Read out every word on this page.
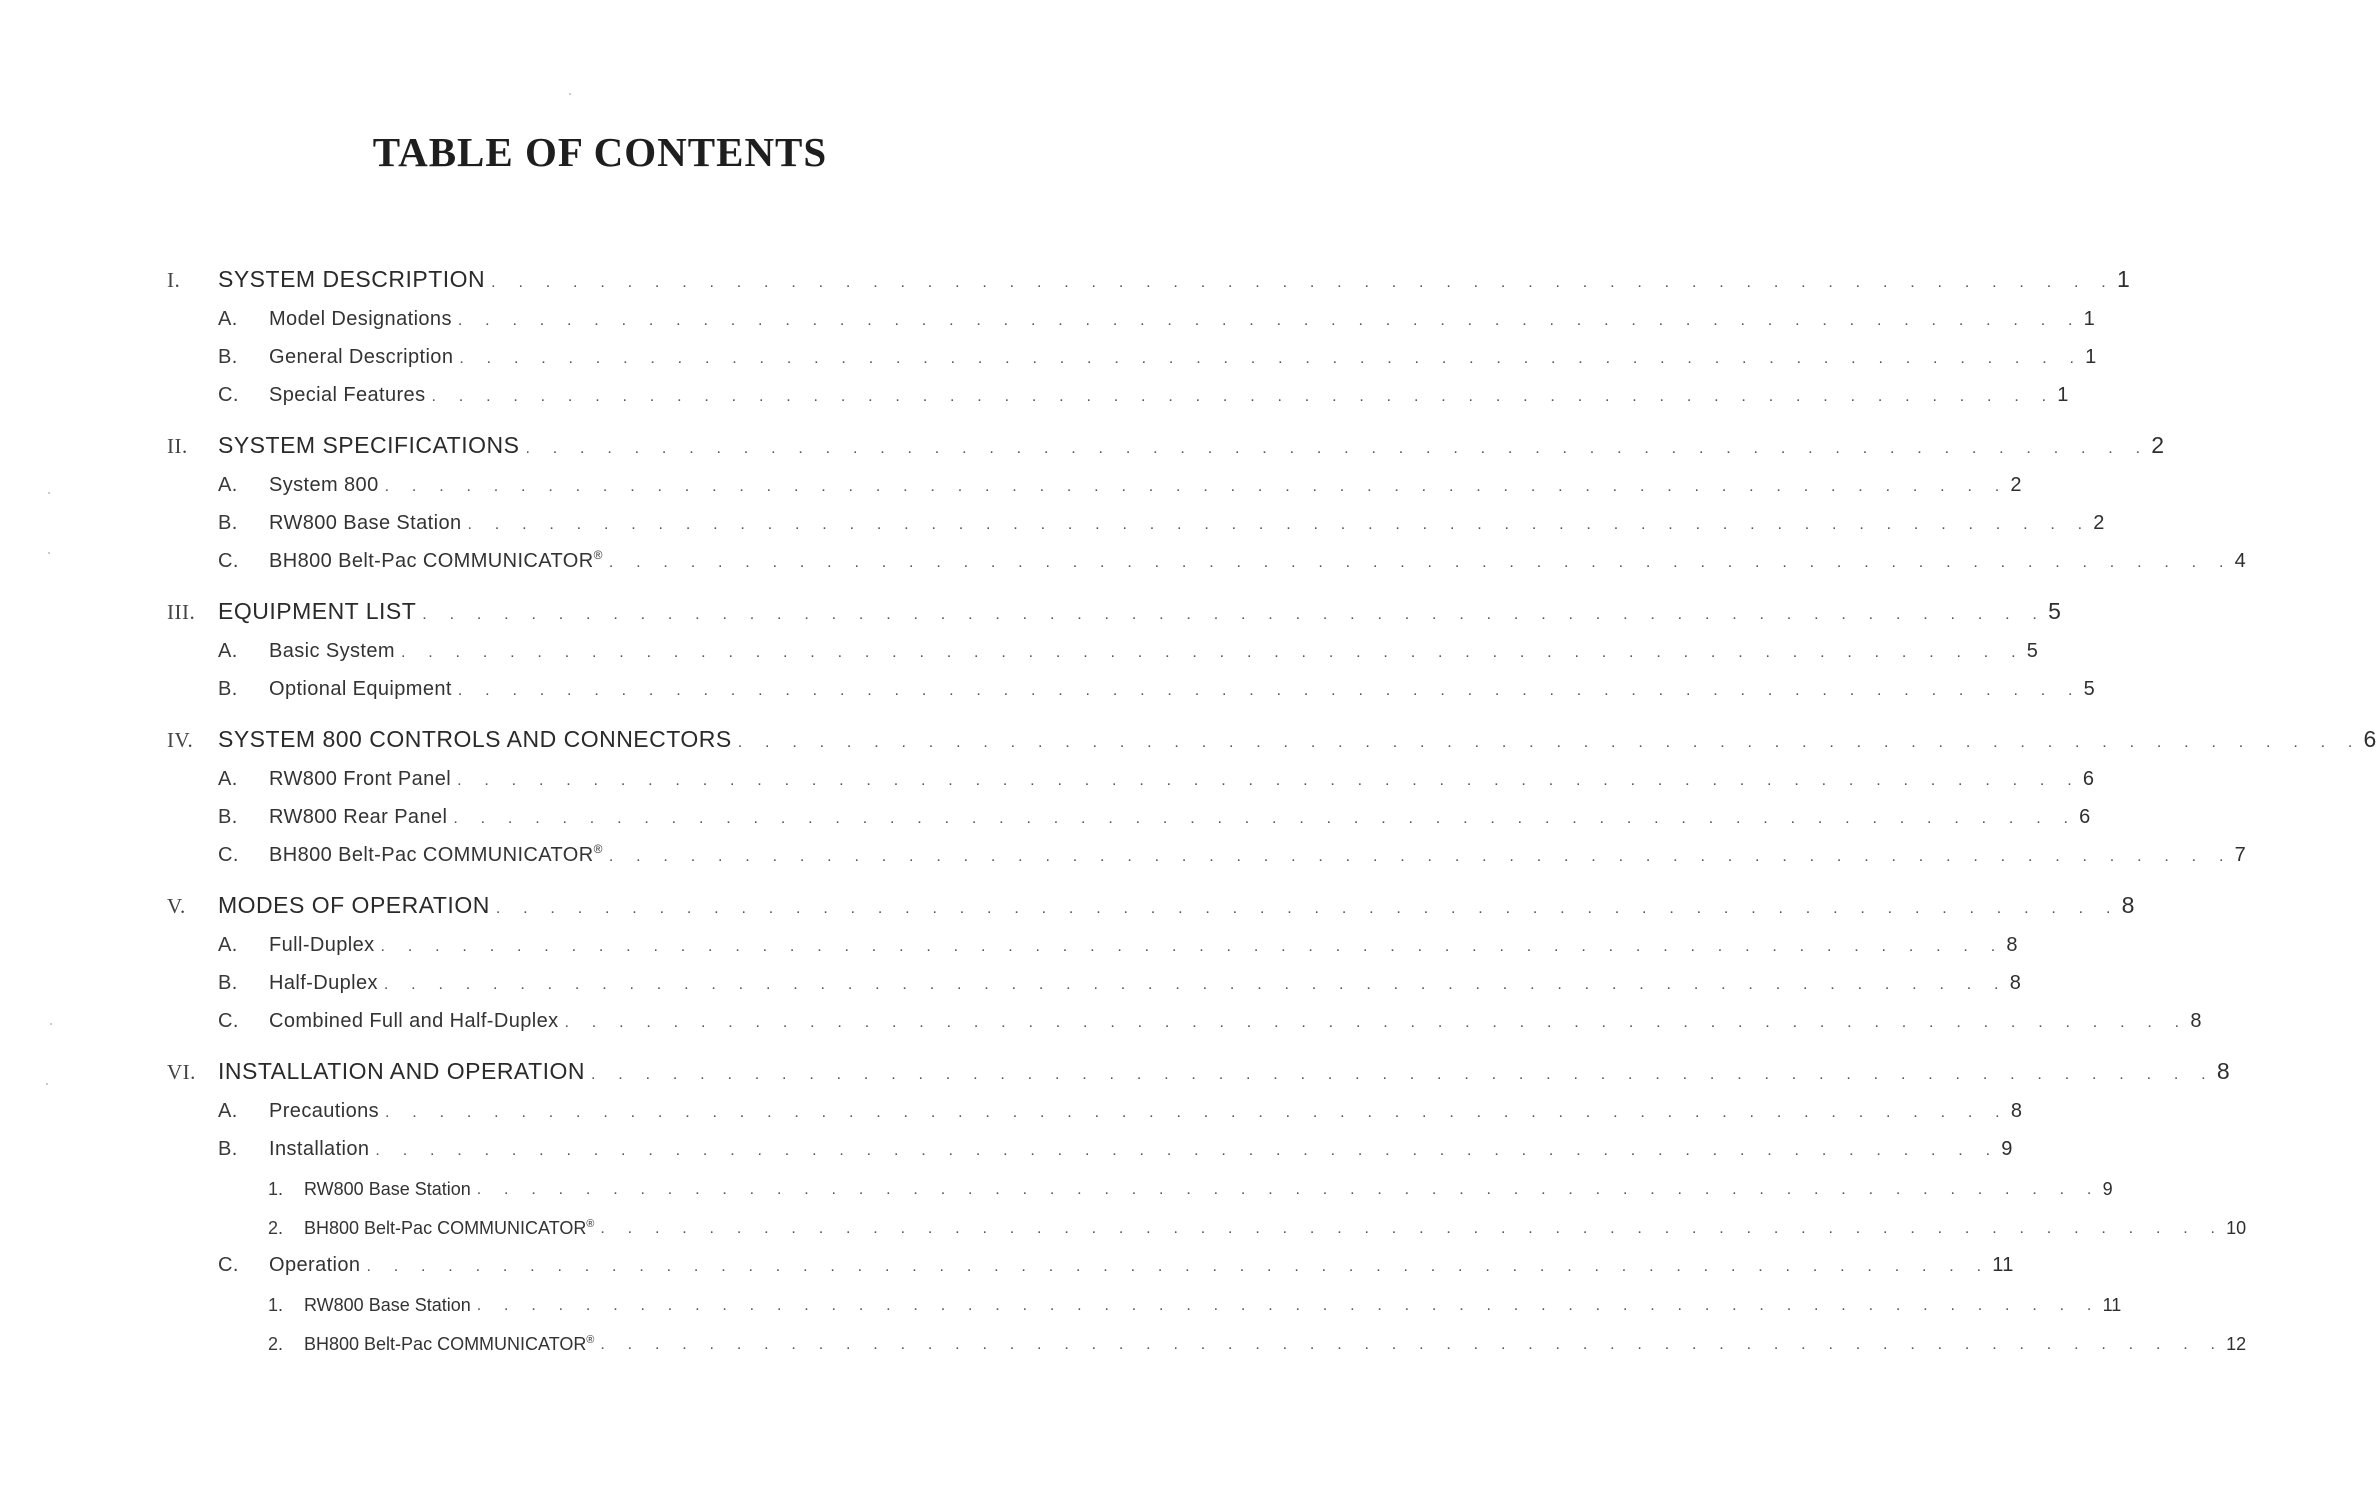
TABLE OF CONTENTS
I.	SYSTEM DESCRIPTION . . . . . . . . . . . . . . . . . . . . . . . . . . . . . . . . . . . . . . . . . . . . . . . . . . . . . . . . . . . . 1
A.	Model Designations . . . . . . . . . . . . . . . . . . . . . . . . . . . . . . . . . . . . . . . . . . . . . . . . . . . . . . . . . . . . 1
B.	General Description . . . . . . . . . . . . . . . . . . . . . . . . . . . . . . . . . . . . . . . . . . . . . . . . . . . . . . . . . . . . 1
C.	Special Features . . . . . . . . . . . . . . . . . . . . . . . . . . . . . . . . . . . . . . . . . . . . . . . . . . . . . . . . . . . . 1
II.	SYSTEM SPECIFICATIONS . . . . . . . . . . . . . . . . . . . . . . . . . . . . . . . . . . . . . . . . . . . . . . . . . . . . . . . . . . . . 2
A.	System 800 . . . . . . . . . . . . . . . . . . . . . . . . . . . . . . . . . . . . . . . . . . . . . . . . . . . . . . . . . . . . 2
B.	RW800 Base Station . . . . . . . . . . . . . . . . . . . . . . . . . . . . . . . . . . . . . . . . . . . . . . . . . . . . . . . . . . . . 2
C.	BH800 Belt-Pac COMMUNICATOR® . . . . . . . . . . . . . . . . . . . . . . . . . . . . . . . . . . . . . . . . . . . . . . . . . . . . . . . . . . . . 4
III. EQUIPMENT LIST . . . . . . . . . . . . . . . . . . . . . . . . . . . . . . . . . . . . . . . . . . . . . . . . . . . . . . . . . . . . 5
A.	Basic System . . . . . . . . . . . . . . . . . . . . . . . . . . . . . . . . . . . . . . . . . . . . . . . . . . . . . . . . . . . . 5
B.	Optional Equipment . . . . . . . . . . . . . . . . . . . . . . . . . . . . . . . . . . . . . . . . . . . . . . . . . . . . . . . . . . . . 5
IV.	SYSTEM 800 CONTROLS AND CONNECTORS . . . . . . . . . . . . . . . . . . . . . . . . . . . . . . . . . . . . . . . . . . . . . . . . . . . . . . . . . . . . 6
A.	RW800 Front Panel . . . . . . . . . . . . . . . . . . . . . . . . . . . . . . . . . . . . . . . . . . . . . . . . . . . . . . . . . . . . 6
B.	RW800 Rear Panel . . . . . . . . . . . . . . . . . . . . . . . . . . . . . . . . . . . . . . . . . . . . . . . . . . . . . . . . . . . . 6
C.	BH800 Belt-Pac COMMUNICATOR® . . . . . . . . . . . . . . . . . . . . . . . . . . . . . . . . . . . . . . . . . . . . . . . . . . . . . . . . . . . . 7
V.	MODES OF OPERATION . . . . . . . . . . . . . . . . . . . . . . . . . . . . . . . . . . . . . . . . . . . . . . . . . . . . . . . . . . . . 8
A.	Full-Duplex . . . . . . . . . . . . . . . . . . . . . . . . . . . . . . . . . . . . . . . . . . . . . . . . . . . . . . . . . . . . 8
B.	Half-Duplex . . . . . . . . . . . . . . . . . . . . . . . . . . . . . . . . . . . . . . . . . . . . . . . . . . . . . . . . . . . . 8
C.	Combined Full and Half-Duplex . . . . . . . . . . . . . . . . . . . . . . . . . . . . . . . . . . . . . . . . . . . . . . . . . . . . . . . . . . . . 8
VI. INSTALLATION AND OPERATION . . . . . . . . . . . . . . . . . . . . . . . . . . . . . . . . . . . . . . . . . . . . . . . . . . . . . . . . . . . . 8
A.	Precautions . . . . . . . . . . . . . . . . . . . . . . . . . . . . . . . . . . . . . . . . . . . . . . . . . . . . . . . . . . . . 8
B.	Installation . . . . . . . . . . . . . . . . . . . . . . . . . . . . . . . . . . . . . . . . . . . . . . . . . . . . . . . . . . . . 9
1.	RW800 Base Station . . . . . . . . . . . . . . . . . . . . . . . . . . . . . . . . . . . . . . . . . . . . . . . . . . . . . . . . . . . . 9
2.	BH800 Belt-Pac COMMUNICATOR® . . . . . . . . . . . . . . . . . . . . . . . . . . . . . . . . . . . . . . . . . . . . . . . . . . . . . . . . . . . . 10
C.	Operation . . . . . . . . . . . . . . . . . . . . . . . . . . . . . . . . . . . . . . . . . . . . . . . . . . . . . . . . . . . . 11
1.	RW800 Base Station . . . . . . . . . . . . . . . . . . . . . . . . . . . . . . . . . . . . . . . . . . . . . . . . . . . . . . . . . . . . 11
2.	BH800 Belt-Pac COMMUNICATOR® . . . . . . . . . . . . . . . . . . . . . . . . . . . . . . . . . . . . . . . . . . . . . . . . . . . . . . . . . . . . 12
